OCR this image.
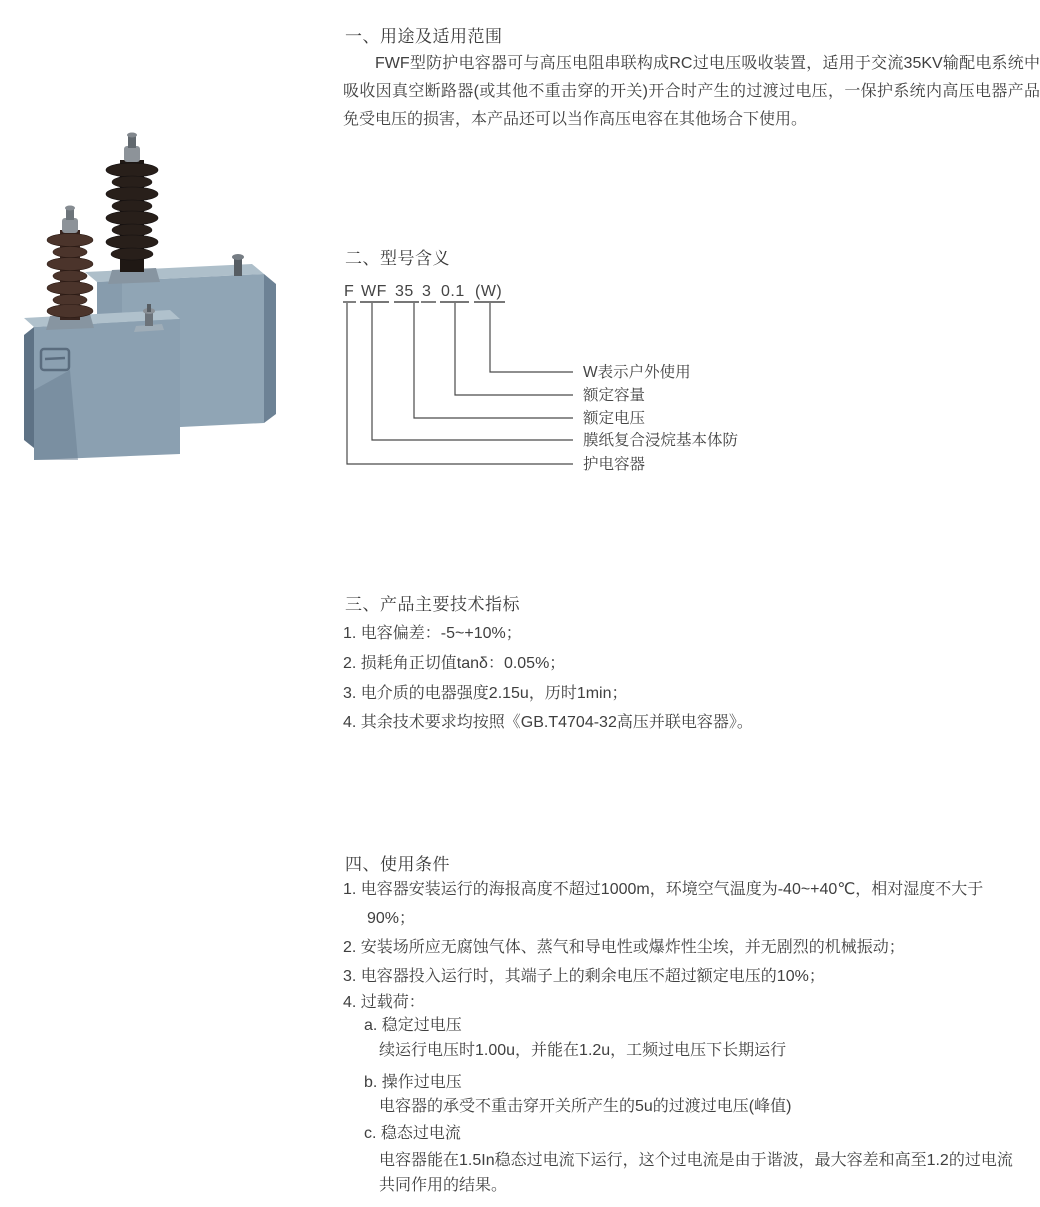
一、用途及适用范围
FWF型防护电容器可与高压电阻串联构成RC过电压吸收装置，适用于交流35KV输配电系统中吸收因真空断路器(或其他不重击穿的开关)开合时产生的过渡过电压，一保护系统内高压电器产品免受电压的损害，本产品还可以当作高压电容在其他场合下使用。
二、型号含义
F WF 35 3 0.1 (W)
W表示户外使用
额定容量
额定电压
膜纸复合浸烷基本体防
护电容器
三、产品主要技术指标
1. 电容偏差：-5~+10%；
2. 损耗角正切值tanδ：0.05%；
3. 电介质的电器强度2.15u，历时1min；
4. 其余技术要求均按照《GB.T4704-32高压并联电容器》。
四、使用条件
1. 电容器安装运行的海报高度不超过1000m，环境空气温度为-40~+40℃，相对湿度不大于
90%；
2. 安装场所应无腐蚀气体、蒸气和导电性或爆炸性尘埃，并无剧烈的机械振动；
3. 电容器投入运行时，其端子上的剩余电压不超过额定电压的10%；
4. 过载荷：
a. 稳定过电压
续运行电压时1.00u，并能在1.2u，工频过电压下长期运行
b. 操作过电压
电容器的承受不重击穿开关所产生的5u的过渡过电压(峰值)
c. 稳态过电流
电容器能在1.5In稳态过电流下运行，这个过电流是由于谐波，最大容差和高至1.2的过电流
共同作用的结果。
